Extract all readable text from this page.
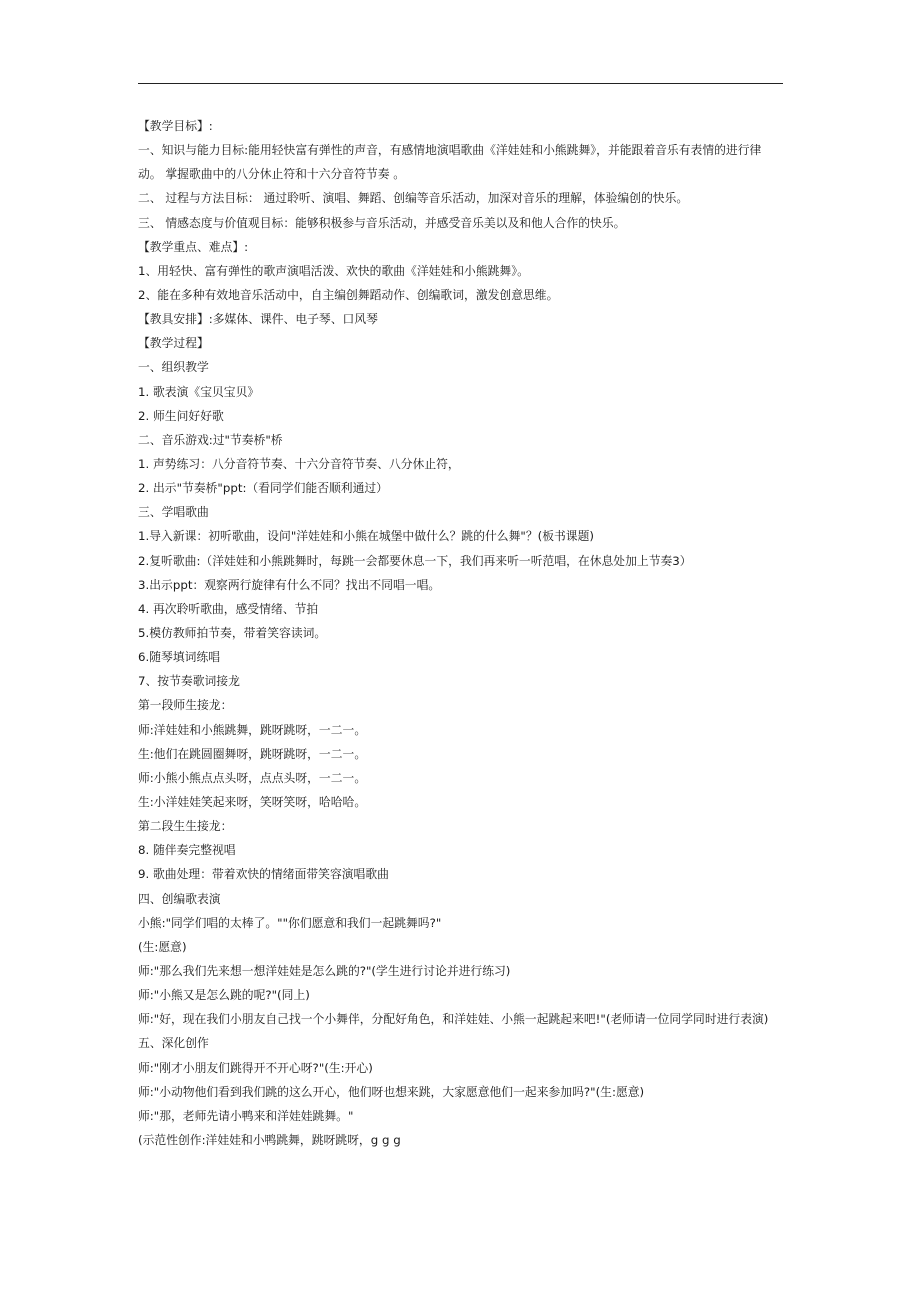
【教学目标】:
一、知识与能力目标:能用轻快富有弹性的声音，有感情地演唱歌曲《洋娃娃和小熊跳舞》，并能跟着音乐有表情的进行律动。 掌握歌曲中的八分休止符和十六分音符节奏 。
二、 过程与方法目标： 通过聆听、演唱、舞蹈、创编等音乐活动，加深对音乐的理解，体验编创的快乐。
三、 情感态度与价值观目标：能够积极参与音乐活动，并感受音乐美以及和他人合作的快乐。
【教学重点、难点】:
1、用轻快、富有弹性的歌声演唱活泼、欢快的歌曲《洋娃娃和小熊跳舞》。
2、能在多种有效地音乐活动中，自主编创舞蹈动作、创编歌词，激发创意思维。
【教具安排】:多媒体、课件、电子琴、口风琴
【教学过程】
一、组织教学
1. 歌表演《宝贝宝贝》
2. 师生问好好歌
二、音乐游戏:过"节奏桥"桥
1. 声势练习：八分音符节奏、十六分音符节奏、八分休止符，
2. 出示"节奏桥"ppt:（看同学们能否顺利通过）
三、学唱歌曲
1.导入新课：初听歌曲，设问"洋娃娃和小熊在城堡中做什么？跳的什么舞"？(板书课题)
2.复听歌曲:（洋娃娃和小熊跳舞时，每跳一会都要休息一下，我们再来听一听范唱，在休息处加上节奏3）
3.出示ppt：观察两行旋律有什么不同？找出不同唱一唱。
4. 再次聆听歌曲，感受情绪、节拍
5.模仿教师拍节奏，带着笑容读词。
6.随琴填词练唱
7、按节奏歌词接龙
第一段师生接龙：
师:洋娃娃和小熊跳舞，跳呀跳呀，一二一。
生:他们在跳圆圈舞呀，跳呀跳呀，一二一。
师:小熊小熊点点头呀，点点头呀，一二一。
生:小洋娃娃笑起来呀，笑呀笑呀，哈哈哈。
第二段生生接龙：
8. 随伴奏完整视唱
9. 歌曲处理：带着欢快的情绪面带笑容演唱歌曲
四、创编歌表演
小熊:"同学们唱的太棒了。""你们愿意和我们一起跳舞吗?"
(生:愿意)
师:"那么我们先来想一想洋娃娃是怎么跳的?"(学生进行讨论并进行练习)
师:"小熊又是怎么跳的呢?"(同上)
师:"好，现在我们小朋友自己找一个小舞伴，分配好角色，和洋娃娃、小熊一起跳起来吧!"(老师请一位同学同时进行表演)
五、深化创作
师:"刚才小朋友们跳得开不开心呀?"(生:开心)
师:"小动物他们看到我们跳的这么开心，他们呀也想来跳，大家愿意他们一起来参加吗?"(生:愿意)
师:"那，老师先请小鸭来和洋娃娃跳舞。"
(示范性创作:洋娃娃和小鸭跳舞，跳呀跳呀，g g g
